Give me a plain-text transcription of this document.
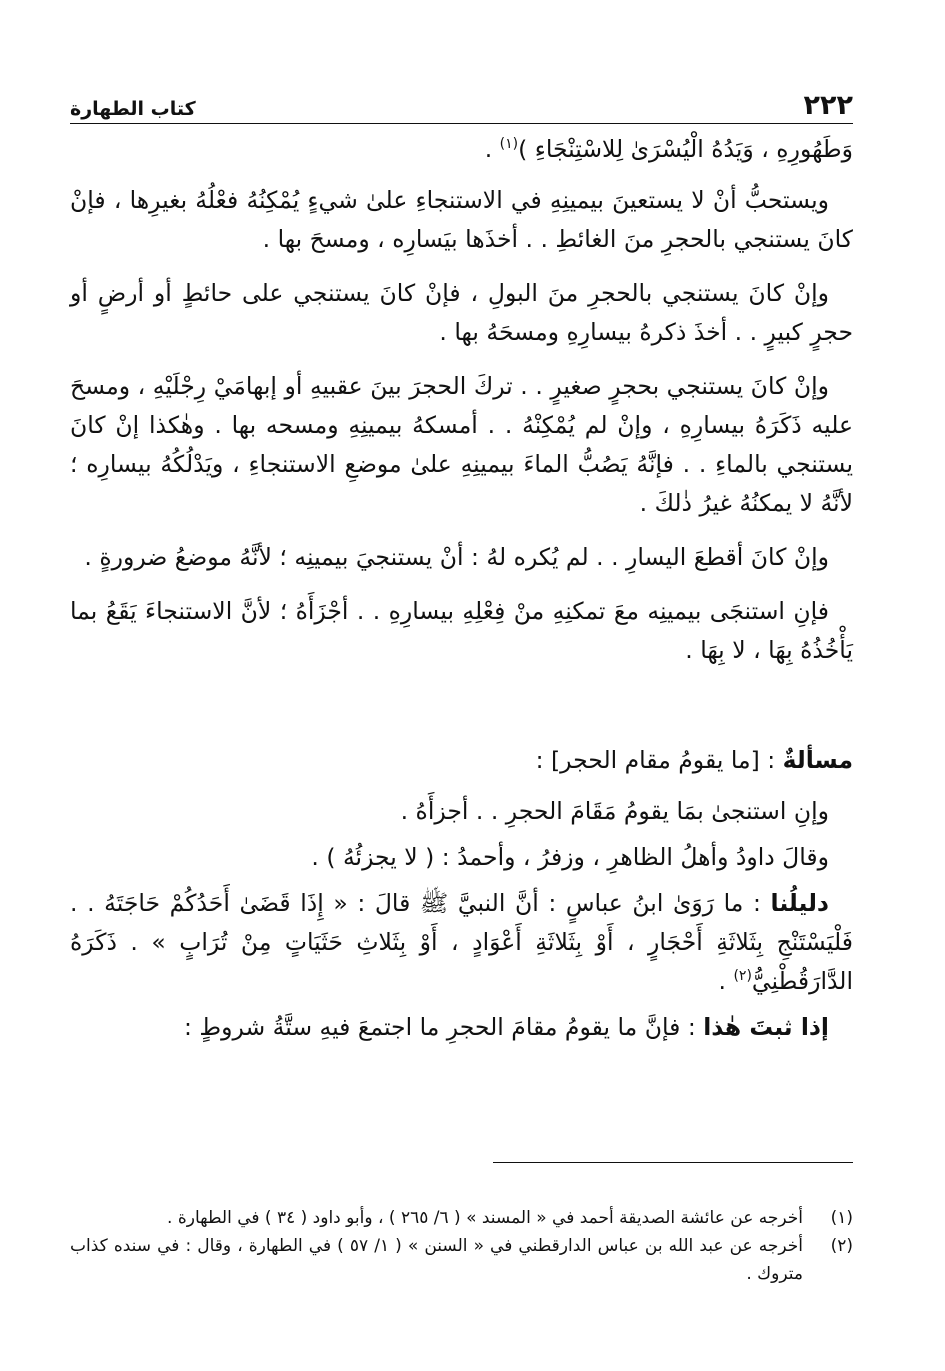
٢٢٢
كتاب الطهارة

وَطَهُورِهِ ، وَيَدُهُ الْيُسْرَىٰ لِلاسْتِنْجَاءِ )$^{(١)}$ .

ويستحبُّ أنْ لا يستعينَ بيمينِهِ في الاستنجاءِ علىٰ شيءٍ يُمْكِنُهُ فعْلُهُ بغيرِها ، فإنْ كانَ يستنجي بالحجرِ منَ الغائطِ . . أخذَها بيَسارِه ، ومسحَ بها .

وإنْ كانَ يستنجي بالحجرِ منَ البولِ ، فإنْ كانَ يستنجي على حائطٍ أو أرضٍ أو حجرٍ كبيرٍ . . أخذَ ذكرهُ بيسارِهِ ومسحَهُ بها .

وإنْ كانَ يستنجي بحجرٍ صغيرٍ . . تركَ الحجرَ بينَ عقبيهِ أو إبهامَيْ رِجْلَيْهِ ، ومسحَ عليه ذَكَرَهُ بيسارِهِ ، وإنْ لم يُمْكِنْهُ . . أمسكهُ بيمينِهِ ومسحه بها . وهٰكذا إنْ كانَ يستنجي بالماءِ . . فإنَّهُ يَصُبُّ الماءَ بيمينِهِ علىٰ موضعِ الاستنجاءِ ، ويَدْلُكُهُ بيسارِه ؛ لأنَّهُ لا يمكنُهُ غيرُ ذٰلكَ .

وإنْ كانَ أقطعَ اليسارِ . . لم يُكره لهُ : أنْ يستنجيَ بيمينِه ؛ لأنَّهُ موضعُ ضرورةٍ .

فإنِ استنجَى بيمينِه معَ تمكنِهِ منْ فِعْلِهِ بيسارِهِ . . أجْزَأَهُ ؛ لأنَّ الاستنجاءَ يَقَعُ بما يَأْخُذُهُ بِهَا ، لا بِهَا .

مسألةٌ : [ما يقومُ مقام الحجر] :

وإنِ استنجىٰ بمَا يقومُ مَقَامَ الحجرِ . . أجزأَهُ .

وقالَ داودُ وأهلُ الظاهرِ ، وزفرُ ، وأحمدُ : ( لا يجزئُهُ ) .

دليلُنا : ما رَوَىٰ ابنُ عباسٍ : أنَّ النبيَّ ﷺ قالَ : « إِذَا قَضَىٰ أَحَدُكُمْ حَاجَتَهُ . . فَلْيَسْتَنْجِ بِثَلاثَةِ أَحْجَارٍ ، أَوْ بِثَلاثَةِ أَعْوَادٍ ، أَوْ بِثَلاثِ حَثَيَاتٍ مِنْ تُرَابٍ » . ذَكَرَهُ الدَّارَقُطْنِيُّ$^{(٢)}$ .

إذا ثبتَ هٰذا : فإنَّ ما يقومُ مقامَ الحجرِ ما اجتمعَ فيهِ ستَّةُ شروطٍ :

(١)
أخرجه عن عائشة الصديقة أحمد في « المسند » ( ٦/ ٢٦٥ ) ، وأبو داود ( ٣٤ ) في الطهارة .
(٢)
أخرجه عن عبد الله بن عباس الدارقطني في « السنن » ( ١/ ٥٧ ) في الطهارة ، وقال : في سنده كذاب متروك .
